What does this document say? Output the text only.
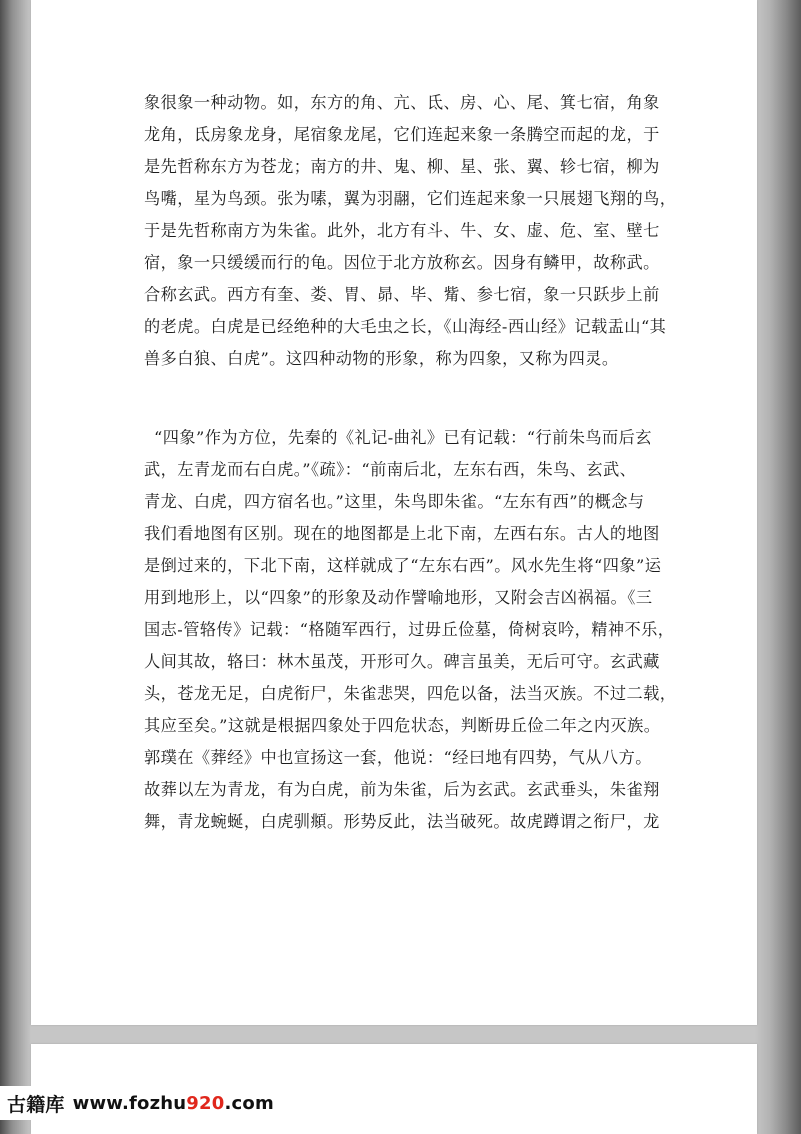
象很象一种动物。如，东方的角、亢、氐、房、心、尾、箕七宿，角象
龙角，氐房象龙身，尾宿象龙尾，它们连起来象一条腾空而起的龙，于
是先哲称东方为苍龙；南方的井、鬼、柳、星、张、翼、轸七宿，柳为
鸟嘴，星为鸟颈。张为嗉，翼为羽翮，它们连起来象一只展翅飞翔的鸟，
于是先哲称南方为朱雀。此外，北方有斗、牛、女、虚、危、室、壁七
宿，象一只缓缓而行的龟。因位于北方放称玄。因身有鳞甲，故称武。
合称玄武。西方有奎、娄、胃、昴、毕、觜、参七宿，象一只跃步上前
的老虎。白虎是已经绝种的大毛虫之长，《山海经-西山经》记载盂山“其
兽多白狼、白虎”。这四种动物的形象，称为四象，又称为四灵。
“四象”作为方位，先秦的《礼记-曲礼》已有记载：“行前朱鸟而后玄
武，左青龙而右白虎。”《疏》：“前南后北，左东右西，朱鸟、玄武、
青龙、白虎，四方宿名也。”这里，朱鸟即朱雀。“左东有西”的概念与
我们看地图有区别。现在的地图都是上北下南，左西右东。古人的地图
是倒过来的，下北下南，这样就成了“左东右西”。风水先生将“四象”运
用到地形上，以“四象”的形象及动作譬喻地形，又附会吉凶祸福。《三
国志-管辂传》记载：“格随军西行，过毋丘俭墓，倚树哀吟，精神不乐，
人间其故，辂曰：林木虽茂，开形可久。碑言虽美，无后可守。玄武藏
头，苍龙无足，白虎衔尸，朱雀悲哭，四危以备，法当灭族。不过二载，
其应至矣。”这就是根据四象处于四危状态，判断毋丘俭二年之内灭族。
郭璞在《葬经》中也宣扬这一套，他说：“经曰地有四势，气从八方。
故葬以左为青龙，有为白虎，前为朱雀，后为玄武。玄武垂头，朱雀翔
舞，青龙蜿蜒，白虎驯頫。形势反此，法当破死。故虎蹲谓之衔尸，龙
古籍库 www.fozhu 920 .com
